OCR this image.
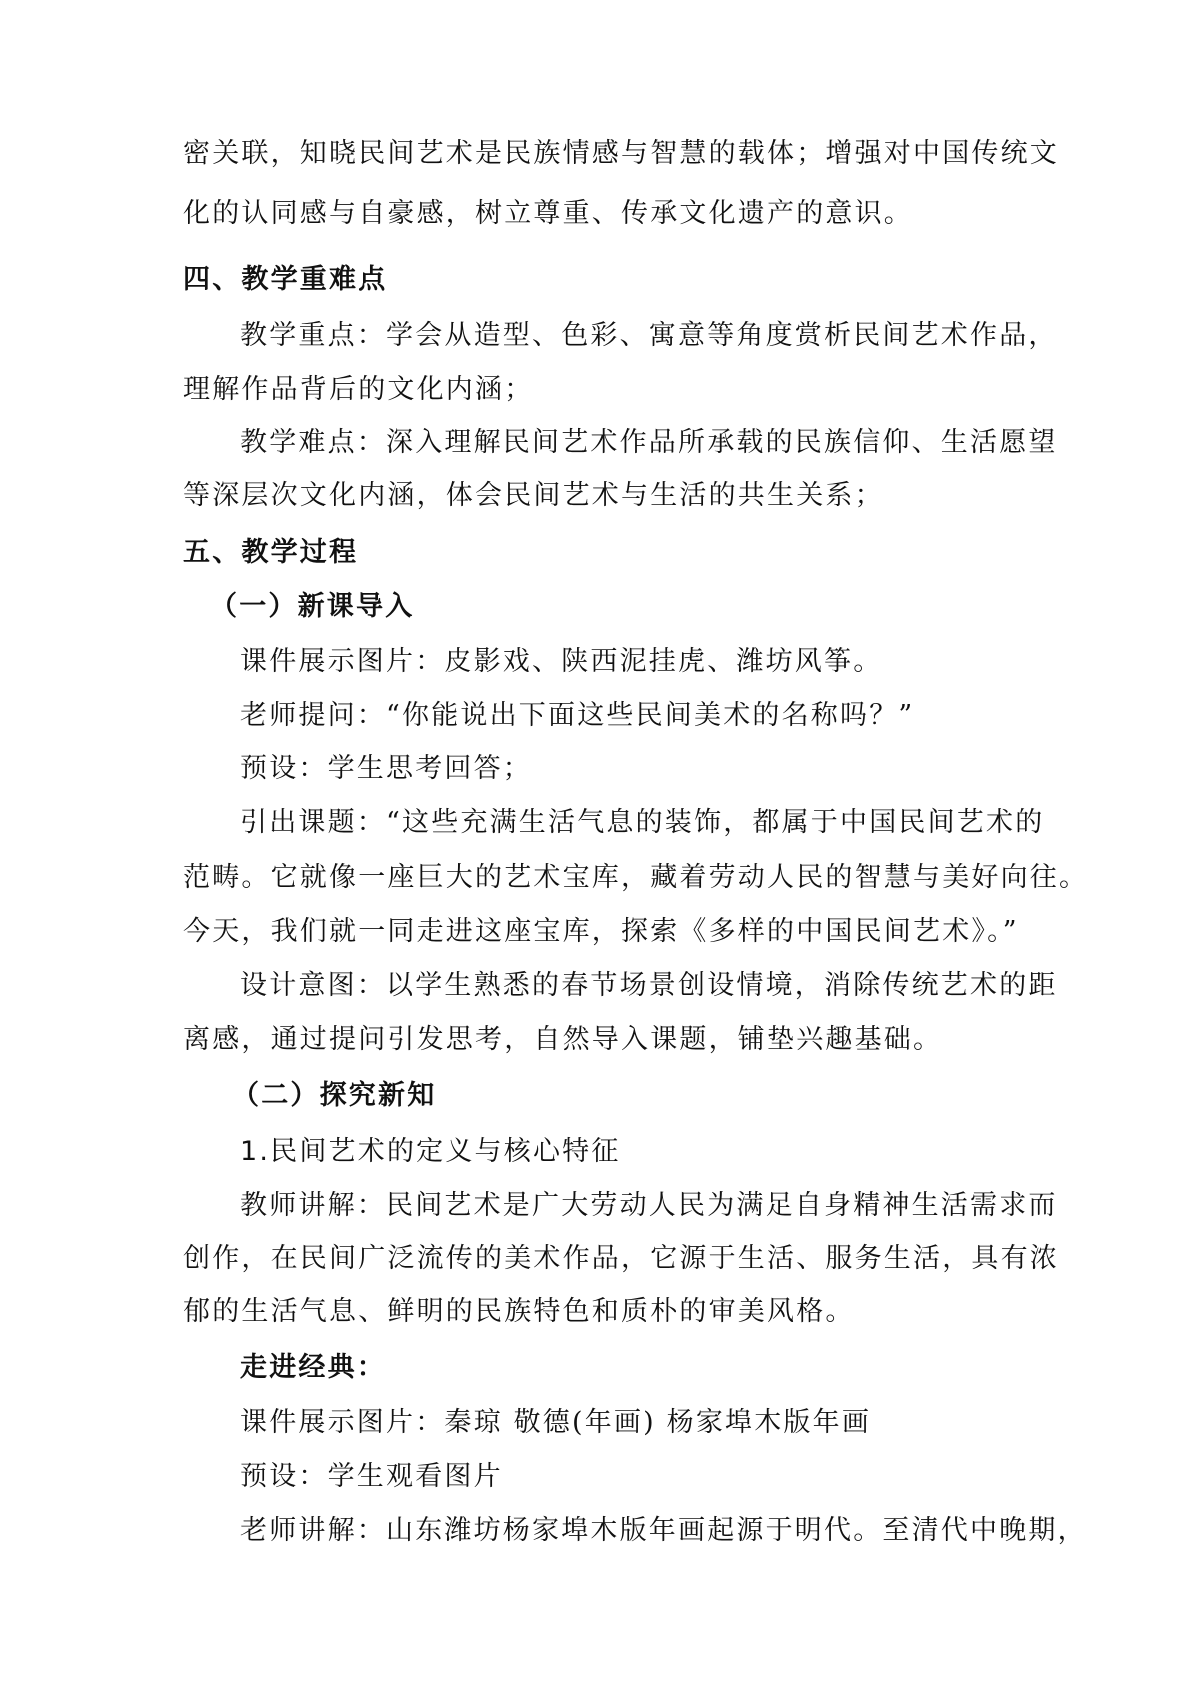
密关联，知晓民间艺术是民族情感与智慧的载体；增强对中国传统文
化的认同感与自豪感，树立尊重、传承文化遗产的意识。
四、教学重难点
教学重点：学会从造型、色彩、寓意等角度赏析民间艺术作品，
理解作品背后的文化内涵；
教学难点：深入理解民间艺术作品所承载的民族信仰、生活愿望
等深层次文化内涵，体会民间艺术与生活的共生关系；
五、教学过程
（一）新课导入
课件展示图片：皮影戏、陕西泥挂虎、潍坊风筝。
老师提问：“你能说出下面这些民间美术的名称吗？”
预设：学生思考回答；
引出课题：“这些充满生活气息的装饰，都属于中国民间艺术的
范畴。它就像一座巨大的艺术宝库，藏着劳动人民的智慧与美好向往。
今天，我们就一同走进这座宝库，探索《多样的中国民间艺术》。”
设计意图：以学生熟悉的春节场景创设情境，消除传统艺术的距
离感，通过提问引发思考，自然导入课题，铺垫兴趣基础。
（二）探究新知
1.民间艺术的定义与核心特征
教师讲解：民间艺术是广大劳动人民为满足自身精神生活需求而
创作，在民间广泛流传的美术作品，它源于生活、服务生活，具有浓
郁的生活气息、鲜明的民族特色和质朴的审美风格。
走进经典：
课件展示图片：秦琼 敬德(年画) 杨家埠木版年画
预设：学生观看图片
老师讲解：山东潍坊杨家埠木版年画起源于明代。至清代中晚期，
